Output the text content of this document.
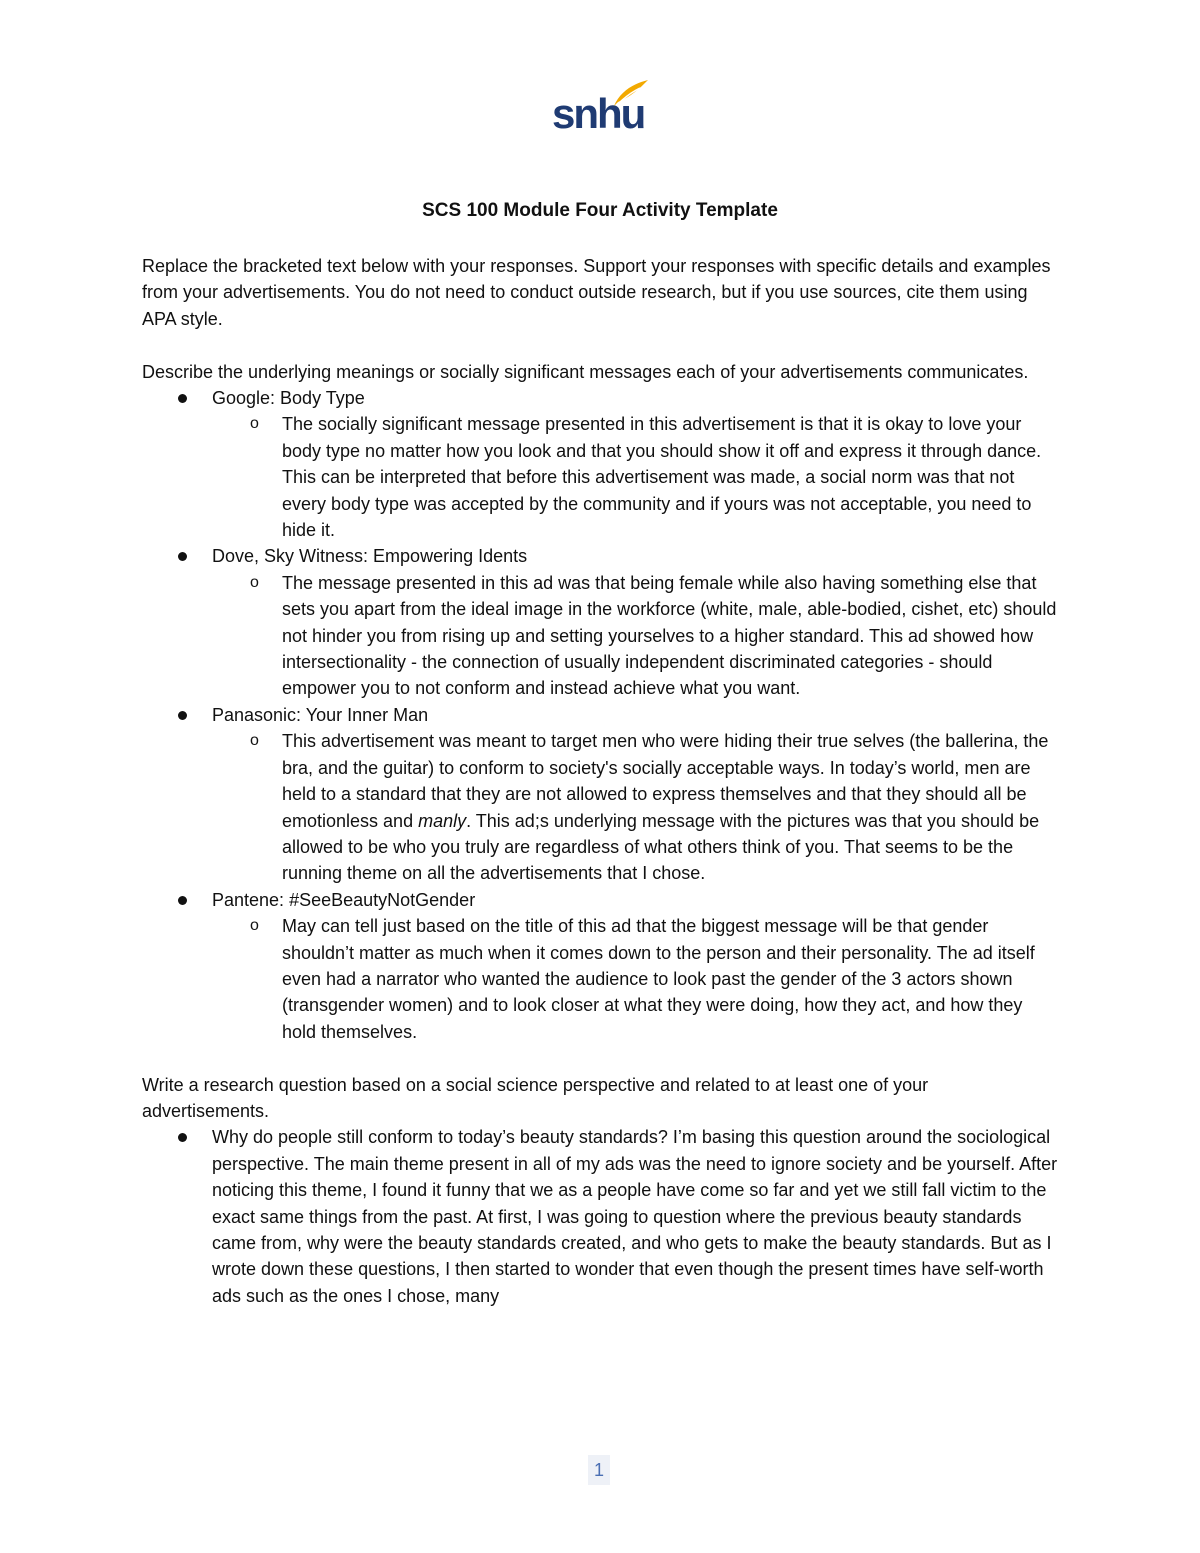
snhu
SCS 100 Module Four Activity Template

Replace the bracketed text below with your responses. Support your responses with specific details and examples from your advertisements. You do not need to conduct outside research, but if you use sources, cite them using APA style.

Describe the underlying meanings or socially significant messages each of your advertisements communicates.

Google: Body Type
o The socially significant message presented in this advertisement is that it is okay to love your body type no matter how you look and that you should show it off and express it through dance. This can be interpreted that before this advertisement was made, a social norm was that not every body type was accepted by the community and if yours was not acceptable, you need to hide it.
Dove, Sky Witness: Empowering Idents
o The message presented in this ad was that being female while also having something else that sets you apart from the ideal image in the workforce (white, male, able-bodied, cishet, etc) should not hinder you from rising up and setting yourselves to a higher standard. This ad showed how intersectionality - the connection of usually independent discriminated categories - should empower you to not conform and instead achieve what you want.
Panasonic: Your Inner Man
o This advertisement was meant to target men who were hiding their true selves (the ballerina, the bra, and the guitar) to conform to society's socially acceptable ways. In today’s world, men are held to a standard that they are not allowed to express themselves and that they should all be emotionless and manly. This ad;s underlying message with the pictures was that you should be allowed to be who you truly are regardless of what others think of you. That seems to be the running theme on all the advertisements that I chose.
Pantene: #SeeBeautyNotGender
o May can tell just based on the title of this ad that the biggest message will be that gender shouldn’t matter as much when it comes down to the person and their personality. The ad itself even had a narrator who wanted the audience to look past the gender of the 3 actors shown (transgender women) and to look closer at what they were doing, how they act, and how they hold themselves.

Write a research question based on a social science perspective and related to at least one of your advertisements.

Why do people still conform to today’s beauty standards? I’m basing this question around the sociological perspective. The main theme present in all of my ads was the need to ignore society and be yourself. After noticing this theme, I found it funny that we as a people have come so far and yet we still fall victim to the exact same things from the past. At first, I was going to question where the previous beauty standards came from, why were the beauty standards created, and who gets to make the beauty standards. But as I wrote down these questions, I then started to wonder that even though the present times have self-worth ads such as the ones I chose, many
1
